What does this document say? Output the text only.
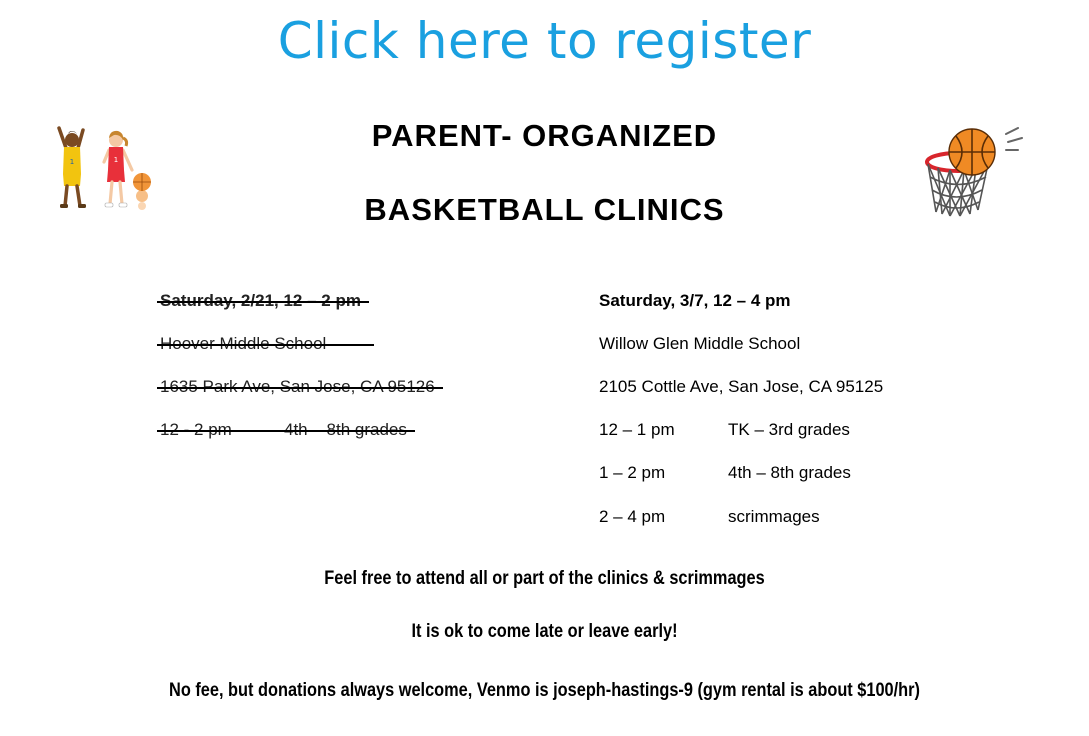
Click here to register
1	1
PARENT- ORGANIZED
BASKETBALL CLINICS
Saturday, 3/7, 12 – 4 pm
Willow Glen Middle School
2105 Cottle Ave, San Jose, CA 95125
12 – 1 pm	TK – 3rd grades
1 – 2 pm	4th – 8th grades
2 – 4 pm	scrimmages
Feel free to attend all or part of the clinics & scrimmages
It is ok to come late or leave early!
No fee, but donations always welcome, Venmo is joseph-hastings-9 (gym rental is about $100/hr)
